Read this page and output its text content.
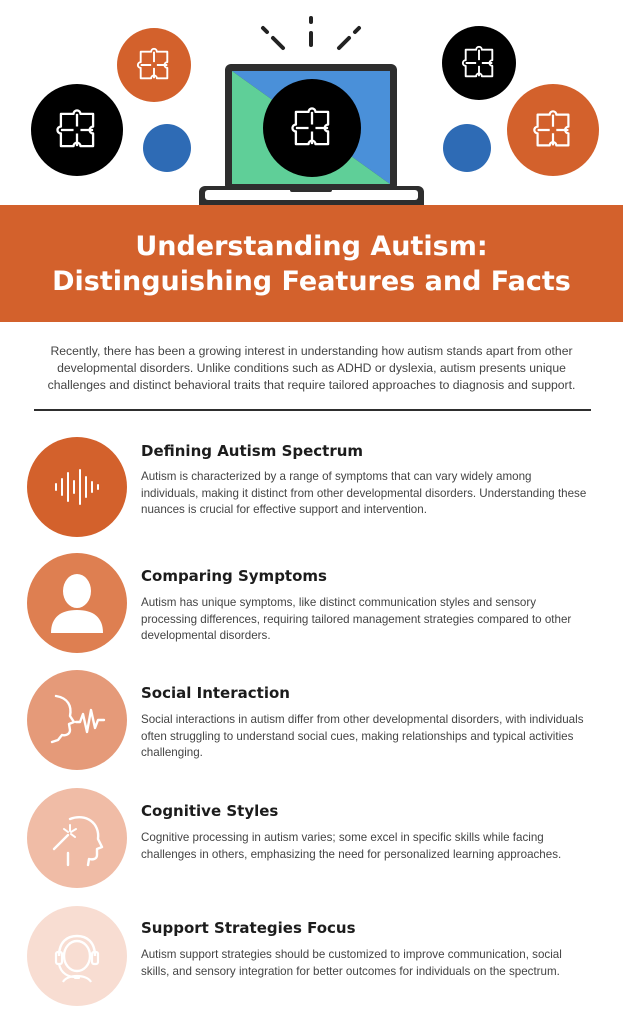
Understanding Autism: Distinguishing Features and Facts
Recently, there has been a growing interest in understanding how autism stands apart from other developmental disorders. Unlike conditions such as ADHD or dyslexia, autism presents unique challenges and distinct behavioral traits that require tailored approaches to diagnosis and support.
Defining Autism Spectrum

Autism is characterized by a range of symptoms that can vary widely among individuals, making it distinct from other developmental disorders. Understanding these nuances is crucial for effective support and intervention.

Comparing Symptoms

Autism has unique symptoms, like distinct communication styles and sensory processing differences, requiring tailored management strategies compared to other developmental disorders.

Social Interaction

Social interactions in autism differ from other developmental disorders, with individuals often struggling to understand social cues, making relationships and typical activities challenging.

Cognitive Styles

Cognitive processing in autism varies; some excel in specific skills while facing challenges in others, emphasizing the need for personalized learning approaches.

Support Strategies Focus

Autism support strategies should be customized to improve communication, social skills, and sensory integration for better outcomes for individuals on the spectrum.
